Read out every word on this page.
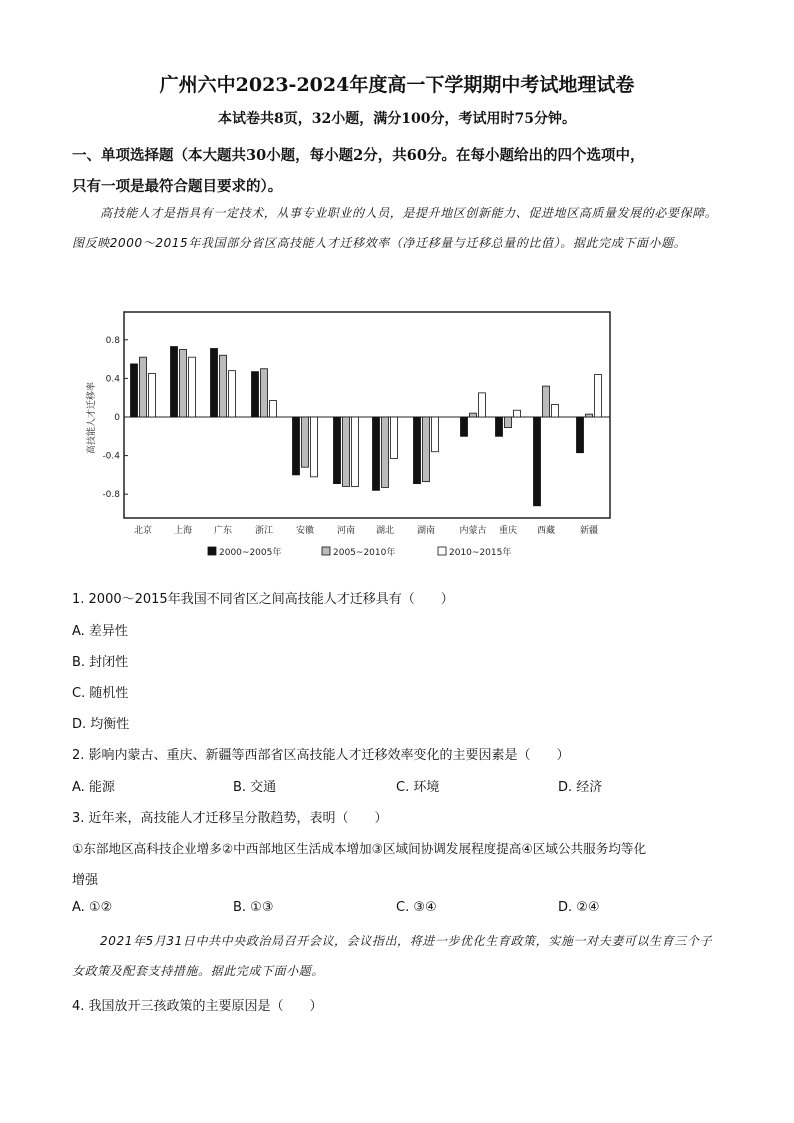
广州六中2023-2024年度高一下学期期中考试地理试卷
本试卷共8页，32小题，满分100分，考试用时75分钟。
一、单项选择题（本大题共30小题，每小题2分，共60分。在每小题给出的四个选项中，
只有一项是最符合题目要求的）。
高技能人才是指具有一定技术，从事专业职业的人员，是提升地区创新能力、促进地区高质量发展的必要保障。图反映2000～2015年我国部分省区高技能人才迁移效率（净迁移量与迁移总量的比值）。据此完成下面小题。
0.8
0.4
0
-0.4
-0.8
北京 上海 广东	浙江	安徽	河南 湖北	湖南	内蒙古 重庆 西藏	新疆
高技能人才迁移率
2000~2005年	2005~2010年	2010~2015年
1. 2000～2015年我国不同省区之间高技能人才迁移具有（　　）
A. 差异性
B. 封闭性
C. 随机性
D. 均衡性
2. 影响内蒙古、重庆、新疆等西部省区高技能人才迁移效率变化的主要因素是（　　）
A. 能源	B. 交通	C. 环境	D. 经济
3. 近年来，高技能人才迁移呈分散趋势，表明（　　）
①东部地区高科技企业增多②中西部地区生活成本增加③区域间协调发展程度提高④区域公共服务均等化
增强
A. ①②	B. ①③	C. ③④	D. ②④
2021年5月31日中共中央政治局召开会议，会议指出，将进一步优化生育政策，实施一对夫妻可以生育三个子女政策及配套支持措施。据此完成下面小题。
4. 我国放开三孩政策的主要原因是（　　）
